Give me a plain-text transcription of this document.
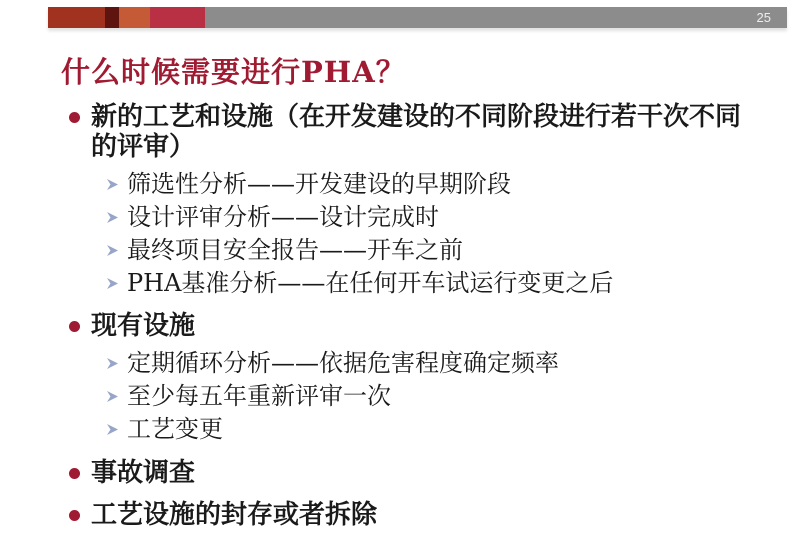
25
什么时候需要进行PHA？
新的工艺和设施（在开发建设的不同阶段进行若干次不同的评审）
筛选性分析——开发建设的早期阶段
设计评审分析——设计完成时
最终项目安全报告——开车之前
PHA基准分析——在任何开车试运行变更之后
现有设施
定期循环分析——依据危害程度确定频率
至少每五年重新评审一次
工艺变更
事故调查
工艺设施的封存或者拆除
